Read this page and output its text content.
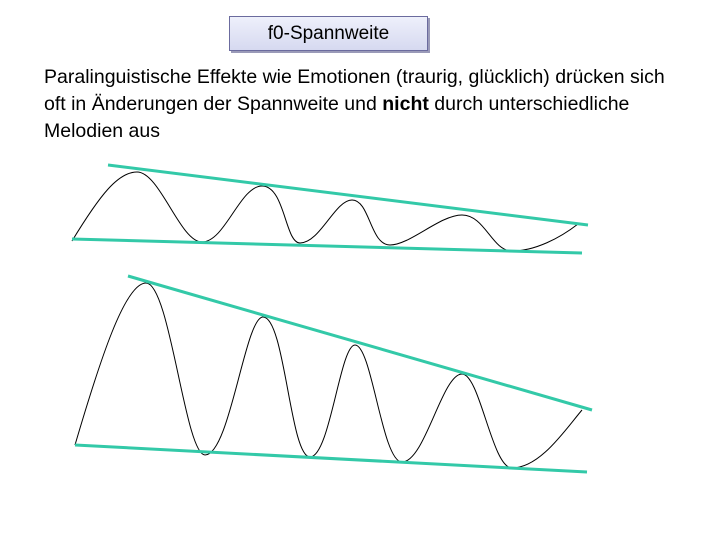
f0-Spannweite
Paralinguistische Effekte wie Emotionen (traurig, glücklich) drücken sich oft in Änderungen der Spannweite und nicht durch unterschiedliche Melodien aus
